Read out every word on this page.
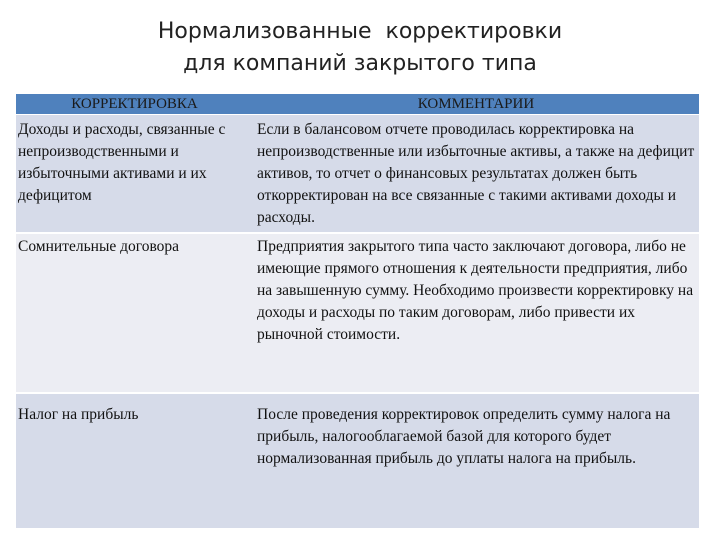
Нормализованные  корректировки
для компаний закрытого типа
КОРРЕКТИРОВКА	КОММЕНТАРИИ
Доходы и расходы, связанные с непроизводственными и избыточными активами и их дефицитом	Если в балансовом отчете проводилась корректировка на непроизводственные или избыточные активы, а также на дефицит активов, то отчет о финансовых результатах должен быть откорректирован на все связанные с такими активами доходы и расходы.
Сомнительные договора	Предприятия закрытого типа часто заключают договора, либо не имеющие прямого отношения к деятельности предприятия, либо на завышенную сумму. Необходимо произвести корректировку на доходы и расходы по таким договорам, либо привести их рыночной стоимости.
Налог на прибыль	После проведения корректировок определить сумму налога на прибыль, налогооблагаемой базой для которого будет нормализованная прибыль до уплаты налога на прибыль.
